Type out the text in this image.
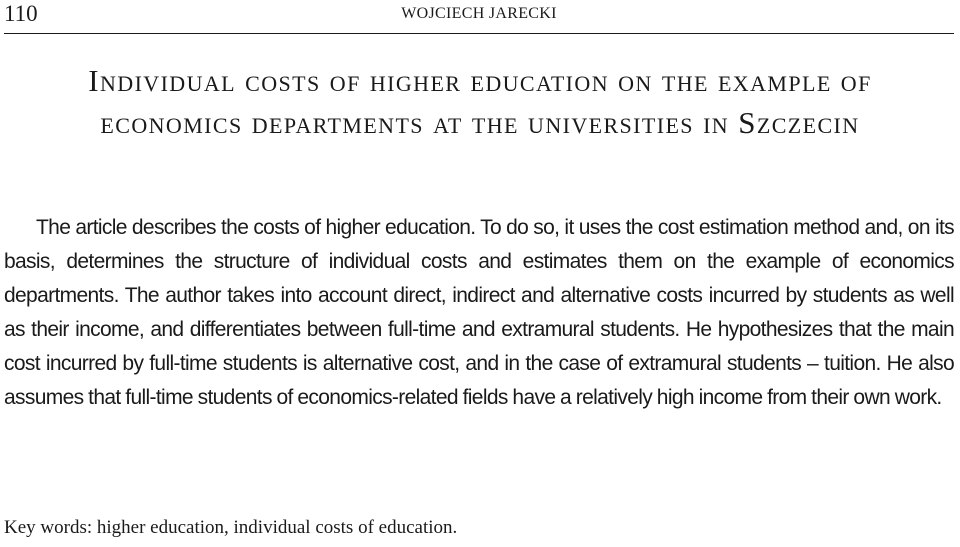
110	WOJCIECH JARECKI
Individual costs of higher education on the example of economics departments at the universities in Szczecin

The article describes the costs of higher education. To do so, it uses the cost estimation method and, on its basis, determines the structure of individual costs and estimates them on the example of economics departments. The author takes into account direct, indirect and alternative costs incurred by students as well as their income, and differentiates between full-time and extramural students. He hypothesizes that the main cost incurred by full-time students is alternative cost, and in the case of extramural students – tuition. He also assumes that full-time students of economics-related fields have a relatively high income from their own work.

Key words: higher education, individual costs of education.
